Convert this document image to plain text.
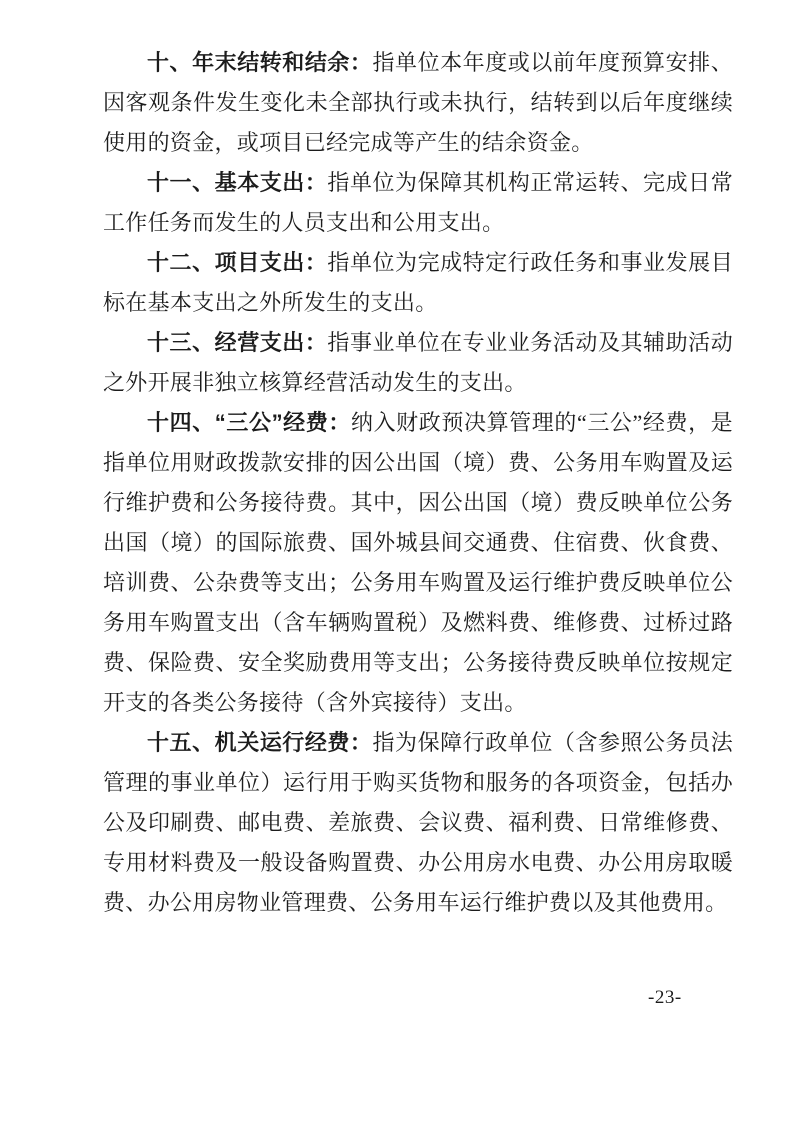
十、年末结转和结余：指单位本年度或以前年度预算安排、因客观条件发生变化未全部执行或未执行，结转到以后年度继续使用的资金，或项目已经完成等产生的结余资金。

十一、基本支出：指单位为保障其机构正常运转、完成日常工作任务而发生的人员支出和公用支出。

十二、项目支出：指单位为完成特定行政任务和事业发展目标在基本支出之外所发生的支出。

十三、经营支出：指事业单位在专业业务活动及其辅助活动之外开展非独立核算经营活动发生的支出。

十四、“三公”经费：纳入财政预决算管理的“三公”经费，是指单位用财政拨款安排的因公出国（境）费、公务用车购置及运行维护费和公务接待费。其中，因公出国（境）费反映单位公务出国（境）的国际旅费、国外城县间交通费、住宿费、伙食费、培训费、公杂费等支出；公务用车购置及运行维护费反映单位公务用车购置支出（含车辆购置税）及燃料费、维修费、过桥过路费、保险费、安全奖励费用等支出；公务接待费反映单位按规定开支的各类公务接待（含外宾接待）支出。

十五、机关运行经费：指为保障行政单位（含参照公务员法管理的事业单位）运行用于购买货物和服务的各项资金，包括办公及印刷费、邮电费、差旅费、会议费、福利费、日常维修费、专用材料费及一般设备购置费、办公用房水电费、办公用房取暖费、办公用房物业管理费、公务用车运行维护费以及其他费用。

-23-
